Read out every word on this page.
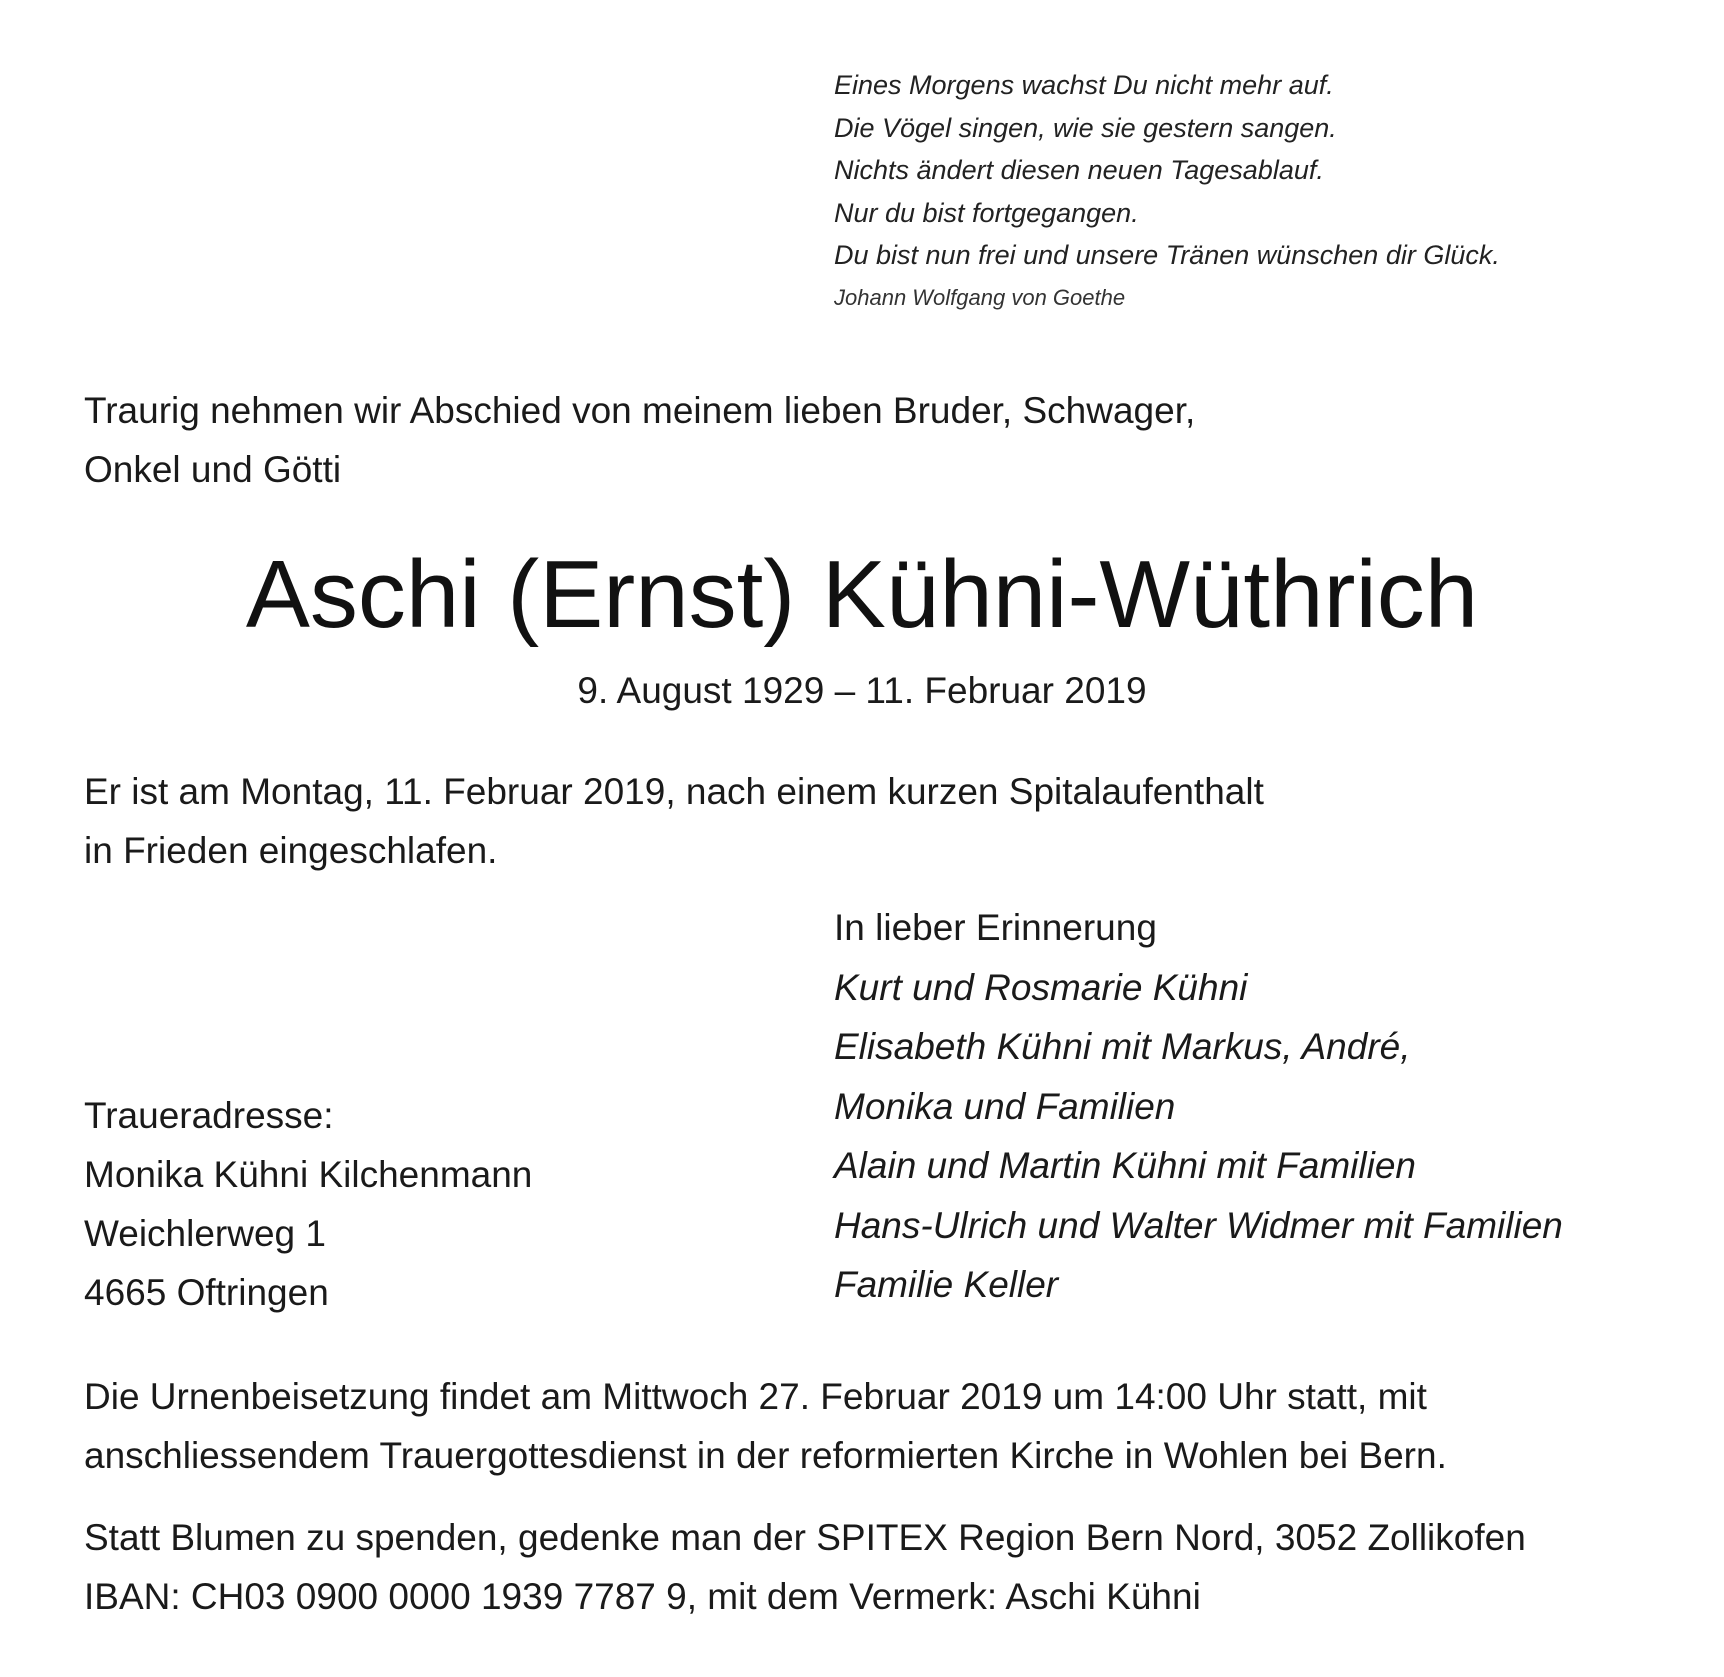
Eines Morgens wachst Du nicht mehr auf.
Die Vögel singen, wie sie gestern sangen.
Nichts ändert diesen neuen Tagesablauf.
Nur du bist fortgegangen.
Du bist nun frei und unsere Tränen wünschen dir Glück.
Johann Wolfgang von Goethe
Traurig nehmen wir Abschied von meinem lieben Bruder, Schwager,
Onkel und Götti
Aschi (Ernst) Kühni-Wüthrich
9. August 1929 – 11. Februar 2019
Er ist am Montag, 11. Februar 2019, nach einem kurzen Spitalaufenthalt
in Frieden eingeschlafen.
In lieber Erinnerung
Kurt und Rosmarie Kühni
Elisabeth Kühni mit Markus, André,
Monika und Familien
Alain und Martin Kühni mit Familien
Hans-Ulrich und Walter Widmer mit Familien
Familie Keller
Traueradresse:
Monika Kühni Kilchenmann
Weichlerweg 1
4665 Oftringen
Die Urnenbeisetzung findet am Mittwoch 27. Februar 2019 um 14:00 Uhr statt, mit
anschliessendem Trauergottesdienst in der reformierten Kirche in Wohlen bei Bern.
Statt Blumen zu spenden, gedenke man der SPITEX Region Bern Nord, 3052 Zollikofen
IBAN: CH03 0900 0000 1939 7787 9, mit dem Vermerk: Aschi Kühni
